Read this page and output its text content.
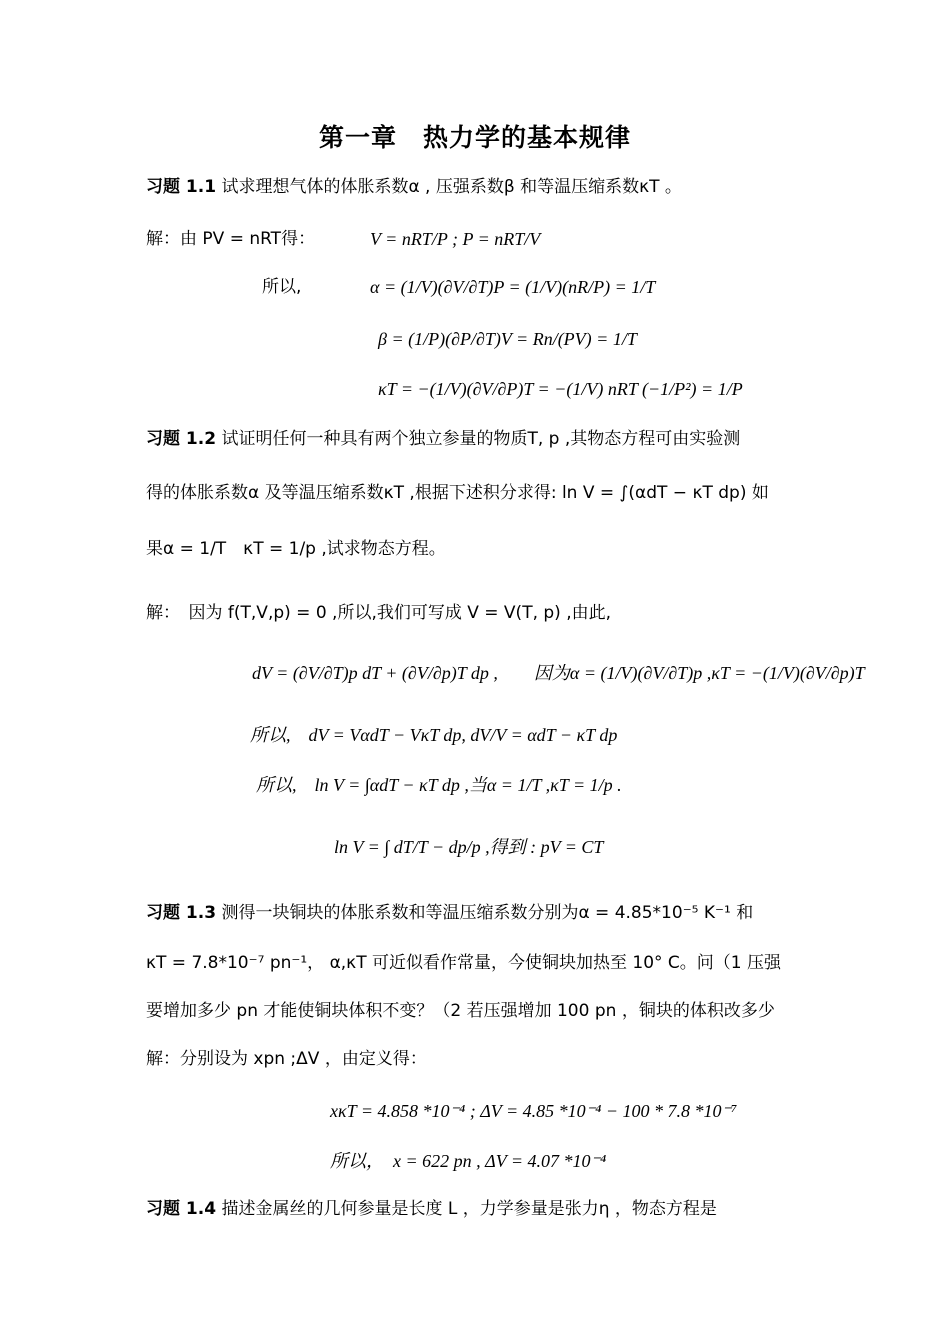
第一章　热力学的基本规律
习题 1.1 试求理想气体的体胀系数α , 压强系数β 和等温压缩系数κT 。
解：由 PV = nRT得：	V = nRT/P ; P = nRT/V
所以,	α = (1/V)(∂V/∂T)P = (1/V)(nR/P) = 1/T
β = (1/P)(∂P/∂T)V = Rn/(PV) = 1/T
κT = −(1/V)(∂V/∂P)T = −(1/V) nRT (−1/P²) = 1/P
习题 1.2 试证明任何一种具有两个独立参量的物质T, p ,其物态方程可由实验测
得的体胀系数α 及等温压缩系数κT ,根据下述积分求得: ln V = ∫(αdT − κT dp) 如
果α = 1/T　κT = 1/p ,试求物态方程。
解：　因为 f(T,V,p) = 0 ,所以,我们可写成 V = V(T, p) ,由此,
dV = (∂V/∂T)p dT + (∂V/∂p)T dp ,　　因为α = (1/V)(∂V/∂T)p ,κT = −(1/V)(∂V/∂p)T
所以,　dV = VαdT − VκT dp, dV/V = αdT − κT dp
所以,　ln V = ∫αdT − κT dp ,当α = 1/T ,κT = 1/p .
ln V = ∫ dT/T − dp/p ,得到 : pV = CT
习题 1.3 测得一块铜块的体胀系数和等温压缩系数分别为α = 4.85*10⁻⁵ K⁻¹ 和
κT = 7.8*10⁻⁷ pn⁻¹， α,κT 可近似看作常量，今使铜块加热至 10° C。问（1 压强
要增加多少 pn 才能使铜块体积不变？（2 若压强增加 100 pn ，铜块的体积改多少
解：分别设为 xpn ;ΔV ，由定义得：
xκT = 4.858 *10⁻⁴ ; ΔV = 4.85 *10⁻⁴ − 100 * 7.8 *10⁻⁷
所以，　x = 622 pn , ΔV = 4.07 *10⁻⁴
习题 1.4 描述金属丝的几何参量是长度 L ，力学参量是张力η ，物态方程是
